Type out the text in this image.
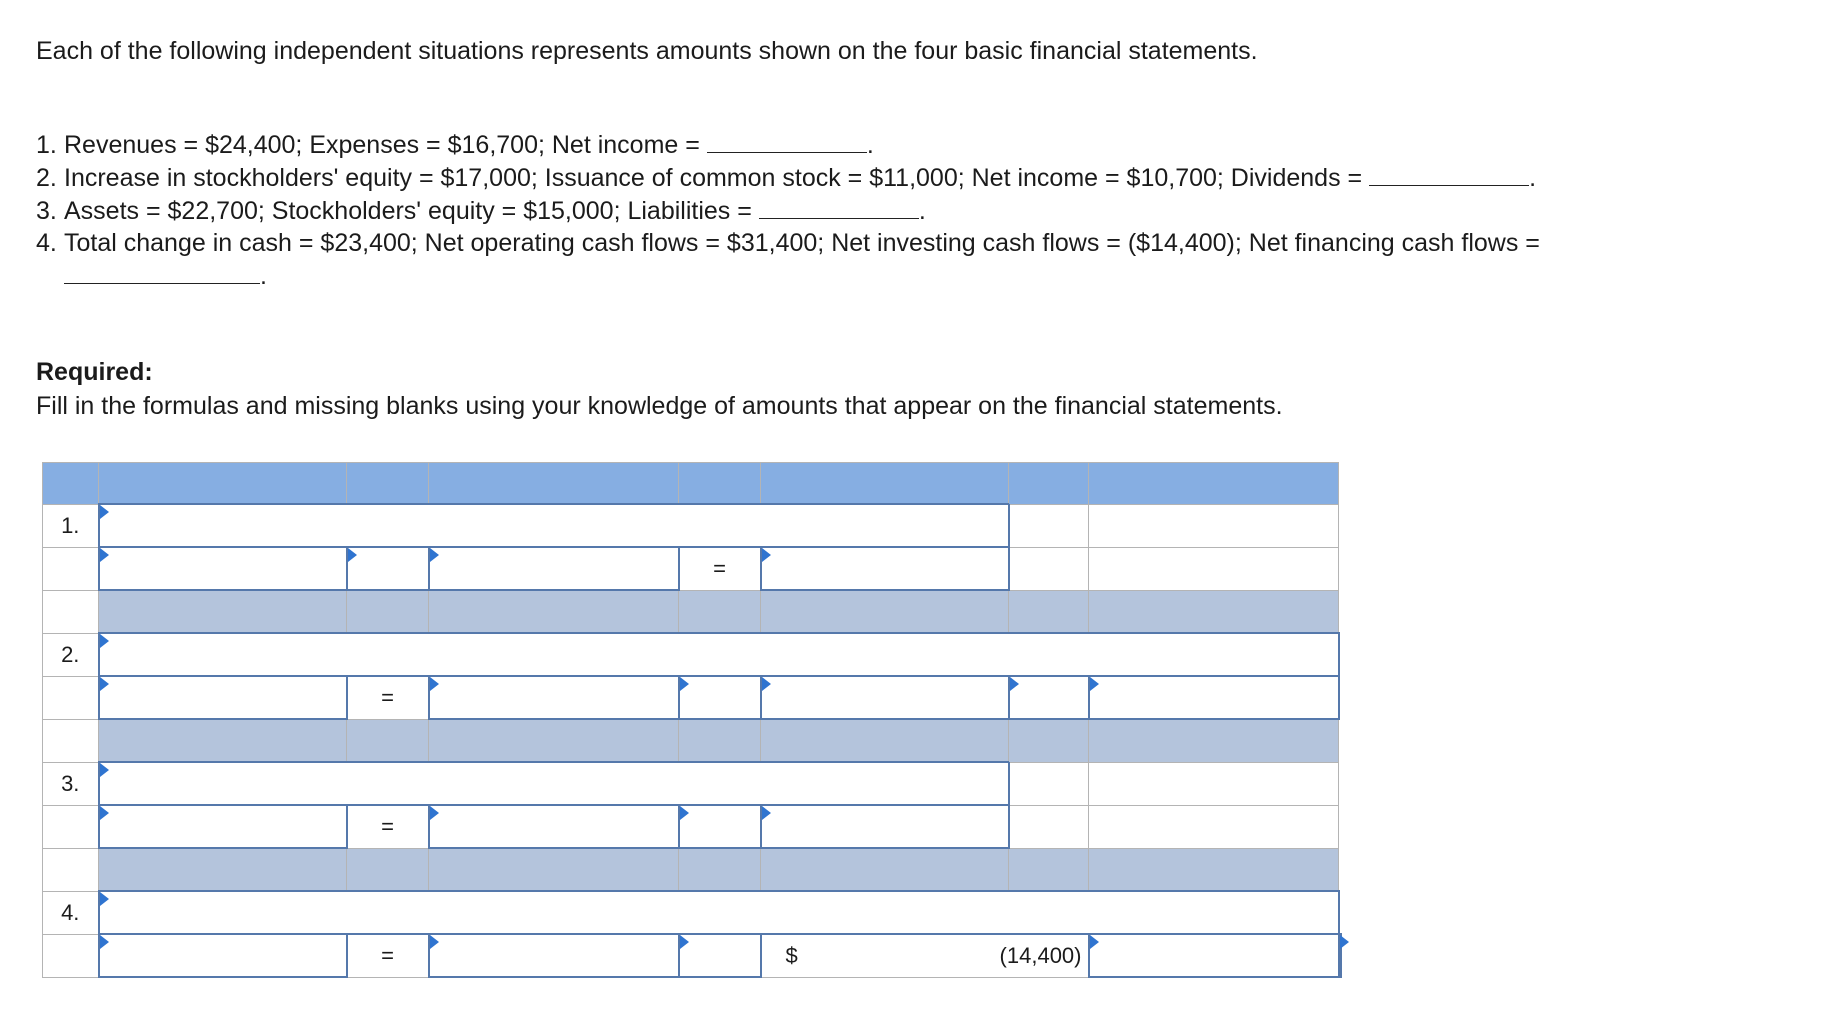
Each of the following independent situations represents amounts shown on the four basic financial statements.
1. Revenues = $24,400; Expenses = $16,700; Net income =	.
2. Increase in stockholders' equity = $17,000; Issuance of common stock = $11,000; Net income = $10,700; Dividends =	.
3. Assets = $22,700; Stockholders' equity = $15,000; Liabilities =	.
4. Total change in cash = $23,400; Net operating cash flows = $31,400; Net investing cash flows = ($14,400); Net financing cash flows =
.
Required:
Fill in the formulas and missing blanks using your knowledge of amounts that appear on the financial statements.

1.								
				=				

2.								
		=						

3.								
		=						

4.								
		=			$ (14,400)			
